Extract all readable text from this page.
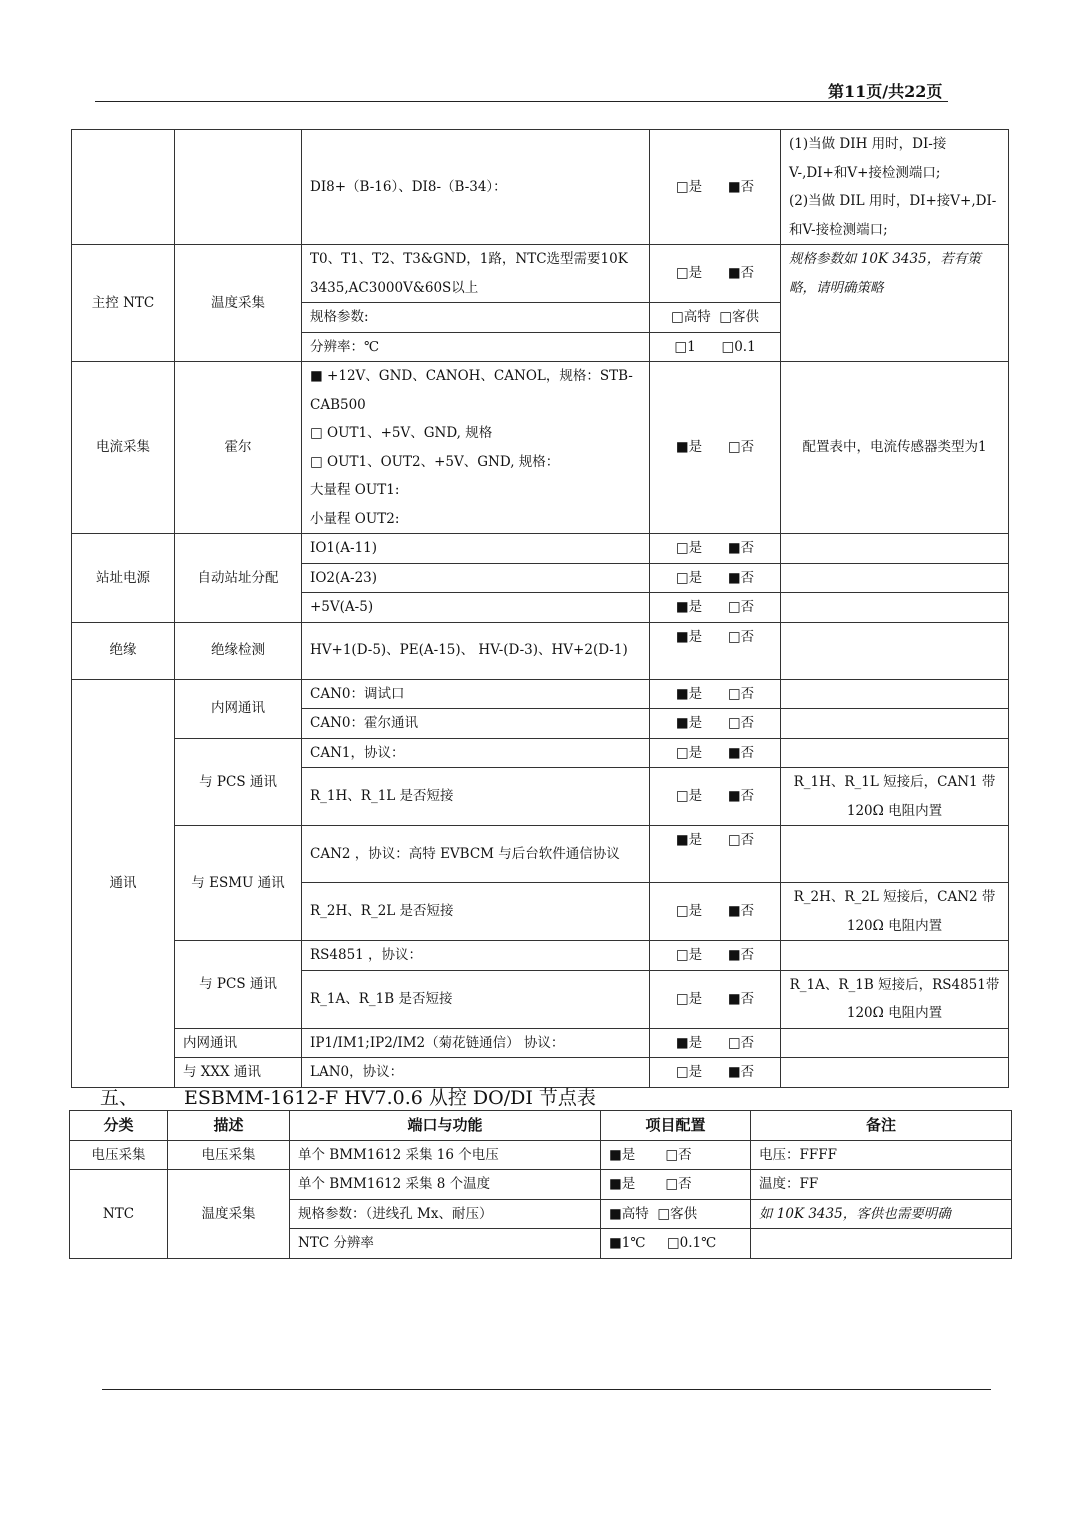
第11页/共22页
		DI8+（B-16）、DI8-（B-34）：	□是 ■否	(1)当做 DIH 用时，DI-接V-,DI+和V+接检测端口;
(2)当做 DIL 用时，DI+接V+,DI-和V-接检测端口;

主控 NTC	温度采集	T0、T1、T2、T3&GND，1路，NTC选型需要10K 3435,AC3000V&60S以上	□是 ■否	规格参数如 10K 3435，若有策略，请明确策略
		规格参数:	□高特 □客供	
		分辨率：℃	□1 □0.1	
电流采集	霍尔	■ +12V、GND、CANOH、CANOL，规格：STB-CAB500
□ OUT1、+5V、GND, 规格
□ OUT1、OUT2、+5V、GND, 规格：
大量程 OUT1:
小量程 OUT2:	■是 □否	配置表中，电流传感器类型为1
站址电源	自动站址分配	IO1(A-11)	□是 ■否	
		IO2(A-23)	□是 ■否	
		+5V(A-5)	■是 □否	
绝缘	绝缘检测	HV+1(D-5)、PE(A-15)、 HV-(D-3)、HV+2(D-1)	■是 □否	
通讯	内网通讯	CAN0：调试口	■是 □否	
		CAN0：霍尔通讯	■是 □否	
	与 PCS 通讯	CAN1，协议：	□是 ■否	
		R_1H、R_1L 是否短接	□是 ■否	R_1H、R_1L 短接后，CAN1 带120Ω 电阻内置
	与 ESMU 通讯	CAN2 ，协议：高特 EVBCM 与后台软件通信协议	■是 □否	
		R_2H、R_2L 是否短接	□是 ■否	R_2H、R_2L 短接后，CAN2 带120Ω 电阻内置
	与 PCS 通讯	RS4851 ，协议：	□是 ■否	
		R_1A、R_1B 是否短接	□是 ■否	R_1A、R_1B 短接后，RS4851带120Ω 电阻内置
	内网通讯	IP1/IM1;IP2/IM2（菊花链通信） 协议：	■是 □否	
	与 XXX 通讯	LAN0，协议：	□是 ■否	
五、 ESBMM-1612-F HV7.0.6 从控 DO/DI 节点表
分类	描述	端口与功能	项目配置	备注
电压采集	电压采集	单个 BMM1612 采集 16 个电压	■是 □否	电压：FFFF
NTC	温度采集	单个 BMM1612 采集 8 个温度	■是 □否	温度：FF
		规格参数：（进线孔 Mx、耐压）	■高特 □客供	如 10K 3435，客供也需要明确
		NTC 分辨率	■1℃ □0.1℃	
